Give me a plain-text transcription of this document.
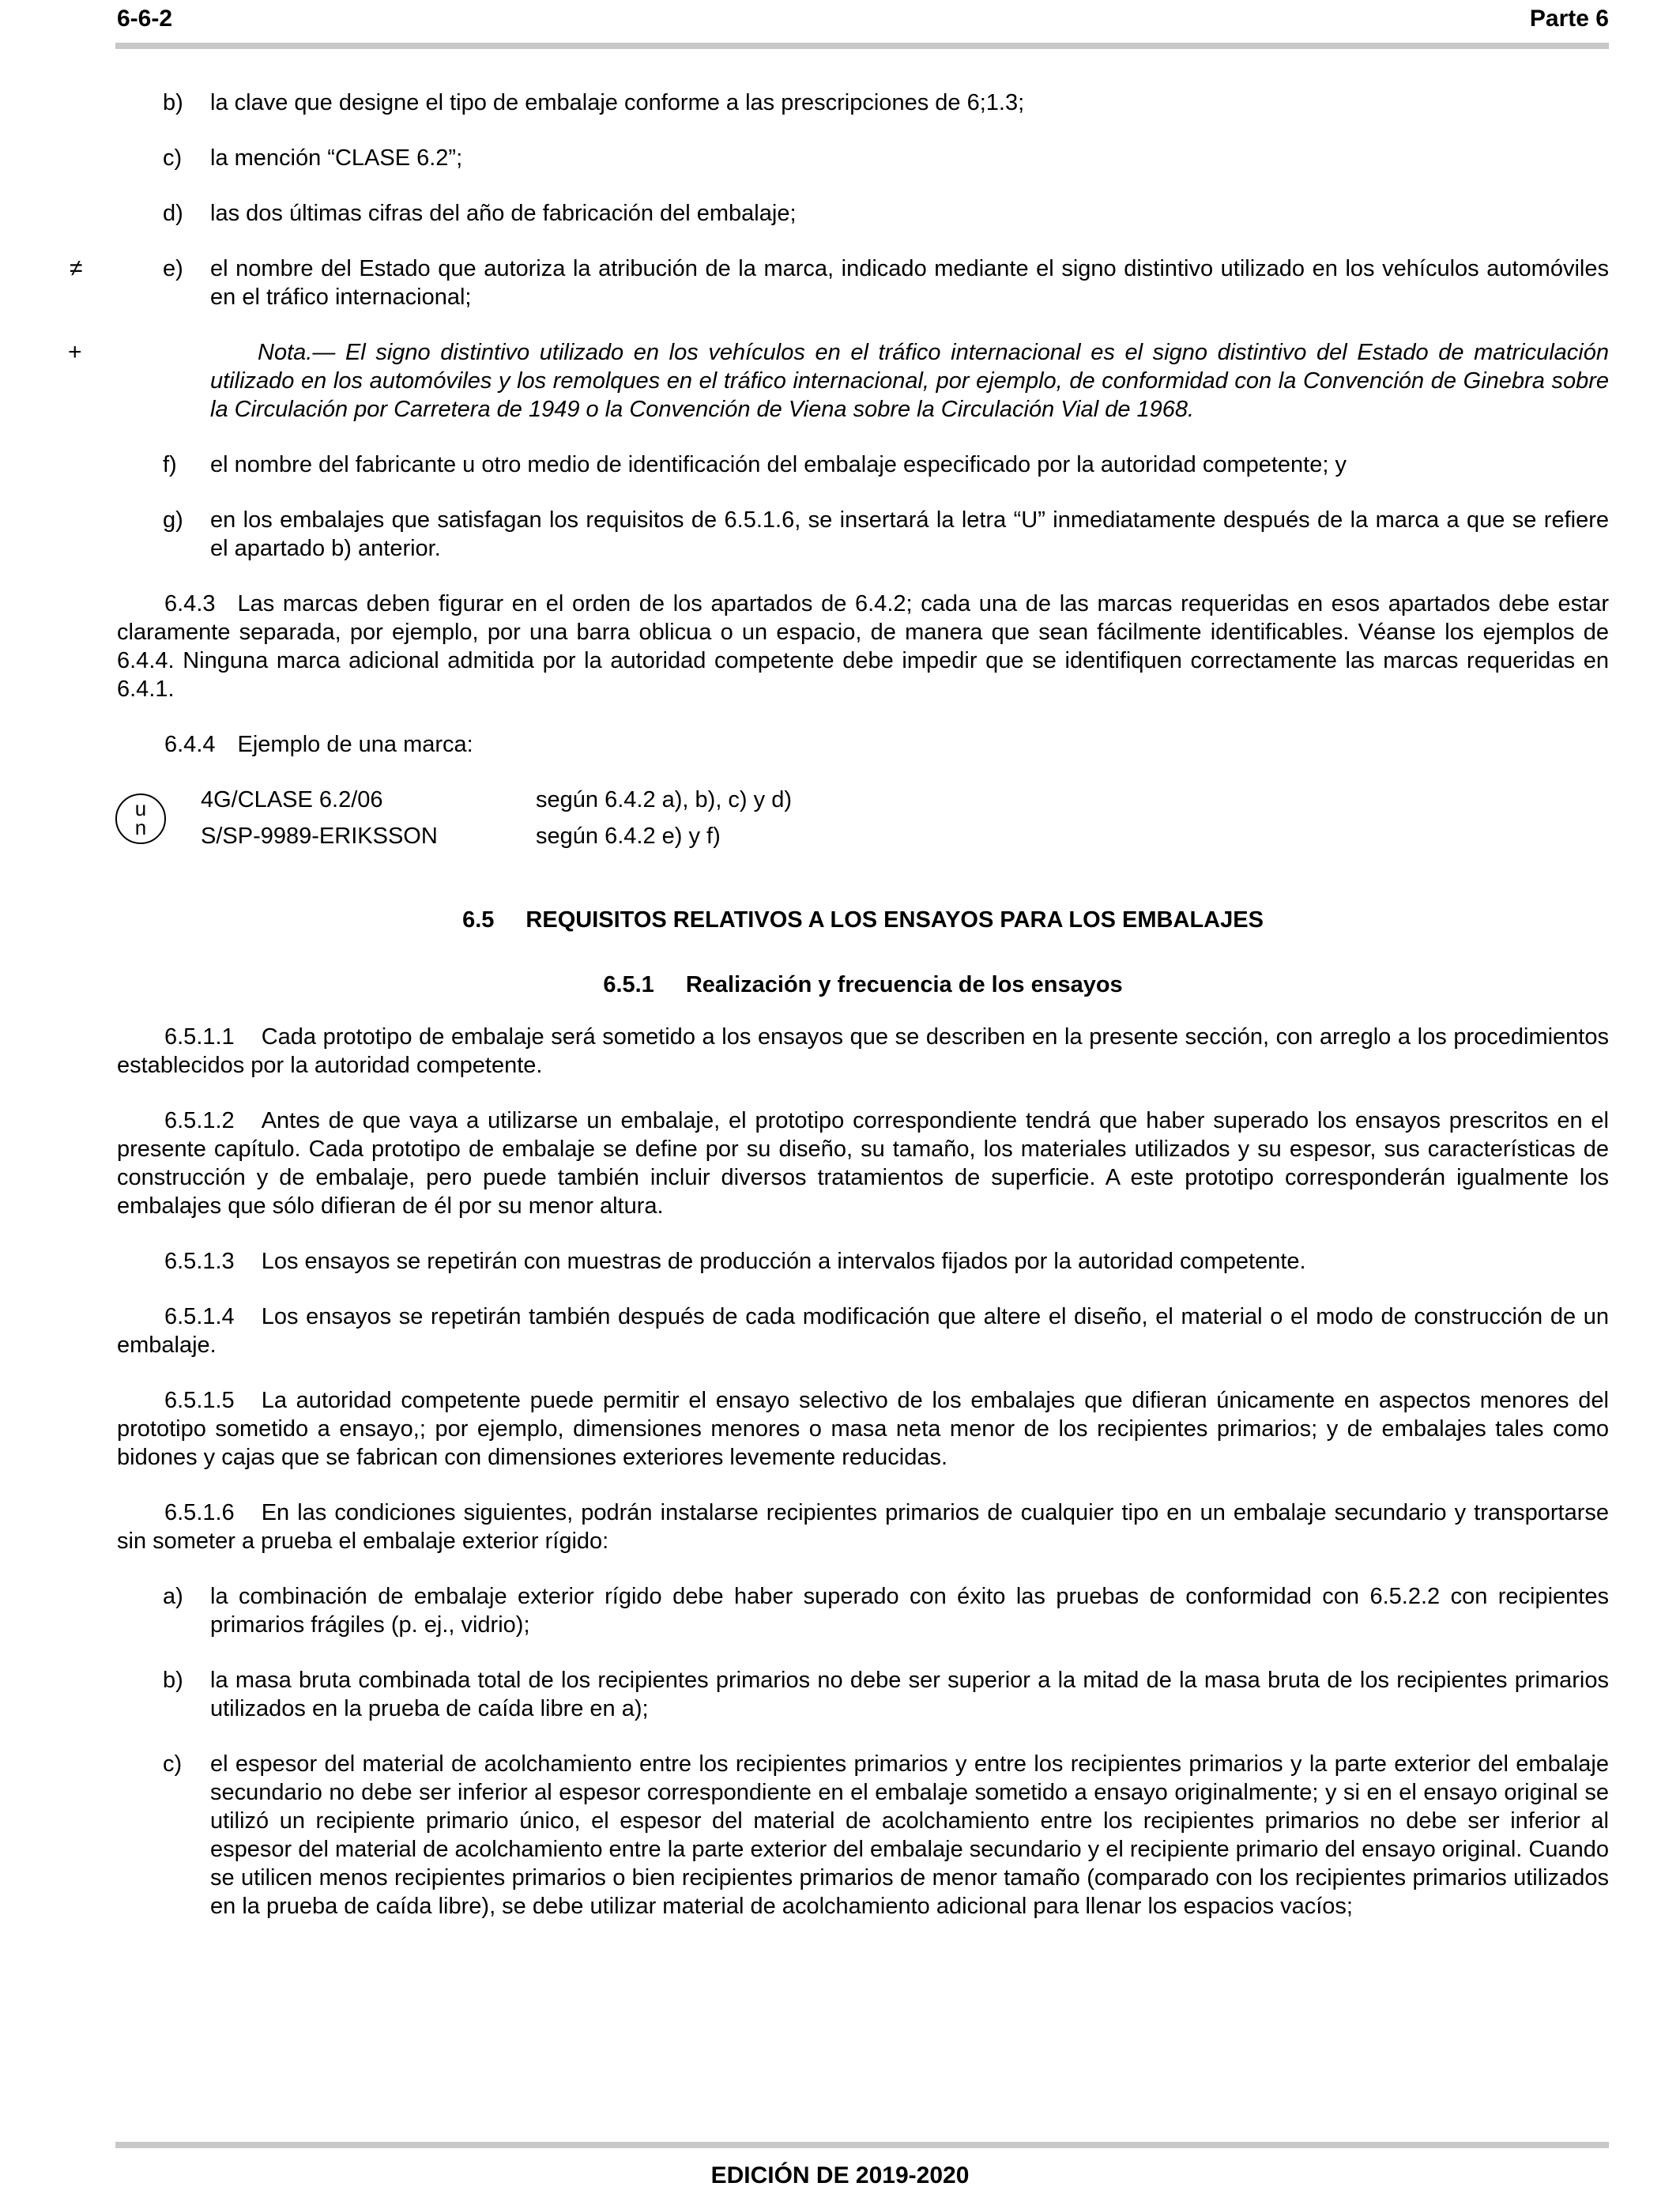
6-6-2	Parte 6
b) la clave que designe el tipo de embalaje conforme a las prescripciones de 6;1.3;
c) la mención “CLASE 6.2”;
d) las dos últimas cifras del año de fabricación del embalaje;
≠	e) el nombre del Estado que autoriza la atribución de la marca, indicado mediante el signo distintivo utilizado en los vehículos automóviles en el tráfico internacional;
+	Nota.— El signo distintivo utilizado en los vehículos en el tráfico internacional es el signo distintivo del Estado de matriculación utilizado en los automóviles y los remolques en el tráfico internacional, por ejemplo, de conformidad con la Convención de Ginebra sobre la Circulación por Carretera de 1949 o la Convención de Viena sobre la Circulación Vial de 1968.
f) el nombre del fabricante u otro medio de identificación del embalaje especificado por la autoridad competente; y
g) en los embalajes que satisfagan los requisitos de 6.5.1.6, se insertará la letra “U” inmediatamente después de la marca a que se refiere el apartado b) anterior.
6.4.3 Las marcas deben figurar en el orden de los apartados de 6.4.2; cada una de las marcas requeridas en esos apartados debe estar claramente separada, por ejemplo, por una barra oblicua o un espacio, de manera que sean fácilmente identificables. Véanse los ejemplos de 6.4.4. Ninguna marca adicional admitida por la autoridad competente debe impedir que se identifiquen correctamente las marcas requeridas en 6.4.1.
6.4.4 Ejemplo de una marca:
u
n
4G/CLASE 6.2/06	según 6.4.2 a), b), c) y d)
S/SP-9989-ERIKSSON	según 6.4.2 e) y f)
6.5 REQUISITOS RELATIVOS A LOS ENSAYOS PARA LOS EMBALAJES
6.5.1 Realización y frecuencia de los ensayos
6.5.1.1 Cada prototipo de embalaje será sometido a los ensayos que se describen en la presente sección, con arreglo a los procedimientos establecidos por la autoridad competente.
6.5.1.2 Antes de que vaya a utilizarse un embalaje, el prototipo correspondiente tendrá que haber superado los ensayos prescritos en el presente capítulo. Cada prototipo de embalaje se define por su diseño, su tamaño, los materiales utilizados y su espesor, sus características de construcción y de embalaje, pero puede también incluir diversos tratamientos de superficie. A este prototipo corresponderán igualmente los embalajes que sólo difieran de él por su menor altura.
6.5.1.3 Los ensayos se repetirán con muestras de producción a intervalos fijados por la autoridad competente.
6.5.1.4 Los ensayos se repetirán también después de cada modificación que altere el diseño, el material o el modo de construcción de un embalaje.
6.5.1.5 La autoridad competente puede permitir el ensayo selectivo de los embalajes que difieran únicamente en aspectos menores del prototipo sometido a ensayo,; por ejemplo, dimensiones menores o masa neta menor de los recipientes primarios; y de embalajes tales como bidones y cajas que se fabrican con dimensiones exteriores levemente reducidas.
6.5.1.6 En las condiciones siguientes, podrán instalarse recipientes primarios de cualquier tipo en un embalaje secundario y transportarse sin someter a prueba el embalaje exterior rígido:
a) la combinación de embalaje exterior rígido debe haber superado con éxito las pruebas de conformidad con 6.5.2.2 con recipientes primarios frágiles (p. ej., vidrio);
b) la masa bruta combinada total de los recipientes primarios no debe ser superior a la mitad de la masa bruta de los recipientes primarios utilizados en la prueba de caída libre en a);
c) el espesor del material de acolchamiento entre los recipientes primarios y entre los recipientes primarios y la parte exterior del embalaje secundario no debe ser inferior al espesor correspondiente en el embalaje sometido a ensayo originalmente; y si en el ensayo original se utilizó un recipiente primario único, el espesor del material de acolchamiento entre los recipientes primarios no debe ser inferior al espesor del material de acolchamiento entre la parte exterior del embalaje secundario y el recipiente primario del ensayo original. Cuando se utilicen menos recipientes primarios o bien recipientes primarios de menor tamaño (comparado con los recipientes primarios utilizados en la prueba de caída libre), se debe utilizar material de acolchamiento adicional para llenar los espacios vacíos;
EDICIÓN DE 2019-2020
